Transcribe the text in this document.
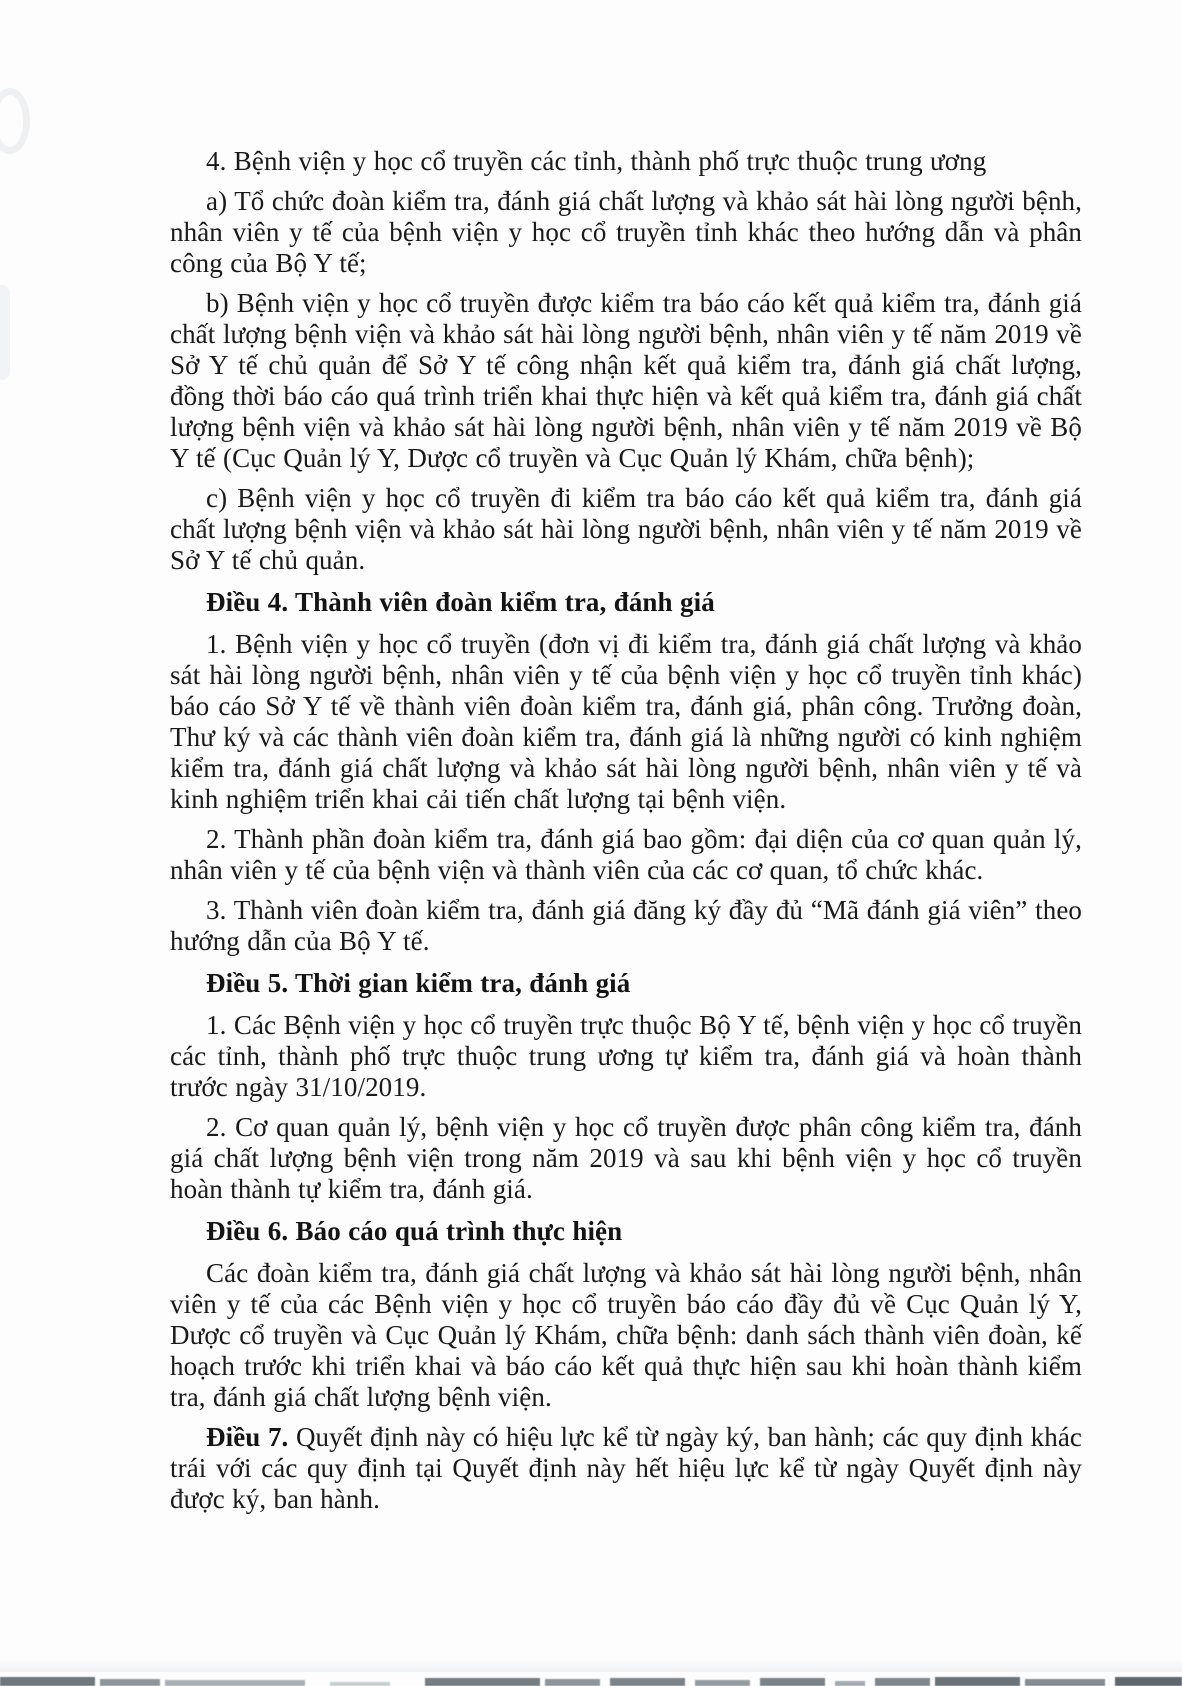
4. Bệnh viện y học cổ truyền các tỉnh, thành phố trực thuộc trung ương

a) Tổ chức đoàn kiểm tra, đánh giá chất lượng và khảo sát hài lòng người bệnh, nhân viên y tế của bệnh viện y học cổ truyền tỉnh khác theo hướng dẫn và phân công của Bộ Y tế;

b) Bệnh viện y học cổ truyền được kiểm tra báo cáo kết quả kiểm tra, đánh giá chất lượng bệnh viện và khảo sát hài lòng người bệnh, nhân viên y tế năm 2019 về Sở Y tế chủ quản để Sở Y tế công nhận kết quả kiểm tra, đánh giá chất lượng, đồng thời báo cáo quá trình triển khai thực hiện và kết quả kiểm tra, đánh giá chất lượng bệnh viện và khảo sát hài lòng người bệnh, nhân viên y tế năm 2019 về Bộ Y tế (Cục Quản lý Y, Dược cổ truyền và Cục Quản lý Khám, chữa bệnh);

c) Bệnh viện y học cổ truyền đi kiểm tra báo cáo kết quả kiểm tra, đánh giá chất lượng bệnh viện và khảo sát hài lòng người bệnh, nhân viên y tế năm 2019 về Sở Y tế chủ quản.

Điều 4. Thành viên đoàn kiểm tra, đánh giá

1. Bệnh viện y học cổ truyền (đơn vị đi kiểm tra, đánh giá chất lượng và khảo sát hài lòng người bệnh, nhân viên y tế của bệnh viện y học cổ truyền tỉnh khác) báo cáo Sở Y tế về thành viên đoàn kiểm tra, đánh giá, phân công. Trưởng đoàn, Thư ký và các thành viên đoàn kiểm tra, đánh giá là những người có kinh nghiệm kiểm tra, đánh giá chất lượng và khảo sát hài lòng người bệnh, nhân viên y tế và kinh nghiệm triển khai cải tiến chất lượng tại bệnh viện.

2. Thành phần đoàn kiểm tra, đánh giá bao gồm: đại diện của cơ quan quản lý, nhân viên y tế của bệnh viện và thành viên của các cơ quan, tổ chức khác.

3. Thành viên đoàn kiểm tra, đánh giá đăng ký đầy đủ “Mã đánh giá viên” theo hướng dẫn của Bộ Y tế.

Điều 5. Thời gian kiểm tra, đánh giá

1. Các Bệnh viện y học cổ truyền trực thuộc Bộ Y tế, bệnh viện y học cổ truyền các tỉnh, thành phố trực thuộc trung ương tự kiểm tra, đánh giá và hoàn thành trước ngày 31/10/2019.

2. Cơ quan quản lý, bệnh viện y học cổ truyền được phân công kiểm tra, đánh giá chất lượng bệnh viện trong năm 2019 và sau khi bệnh viện y học cổ truyền hoàn thành tự kiểm tra, đánh giá.

Điều 6. Báo cáo quá trình thực hiện

Các đoàn kiểm tra, đánh giá chất lượng và khảo sát hài lòng người bệnh, nhân viên y tế của các Bệnh viện y học cổ truyền báo cáo đầy đủ về Cục Quản lý Y, Dược cổ truyền và Cục Quản lý Khám, chữa bệnh: danh sách thành viên đoàn, kế hoạch trước khi triển khai và báo cáo kết quả thực hiện sau khi hoàn thành kiểm tra, đánh giá chất lượng bệnh viện.

Điều 7. Quyết định này có hiệu lực kể từ ngày ký, ban hành; các quy định khác trái với các quy định tại Quyết định này hết hiệu lực kể từ ngày Quyết định này được ký, ban hành.
